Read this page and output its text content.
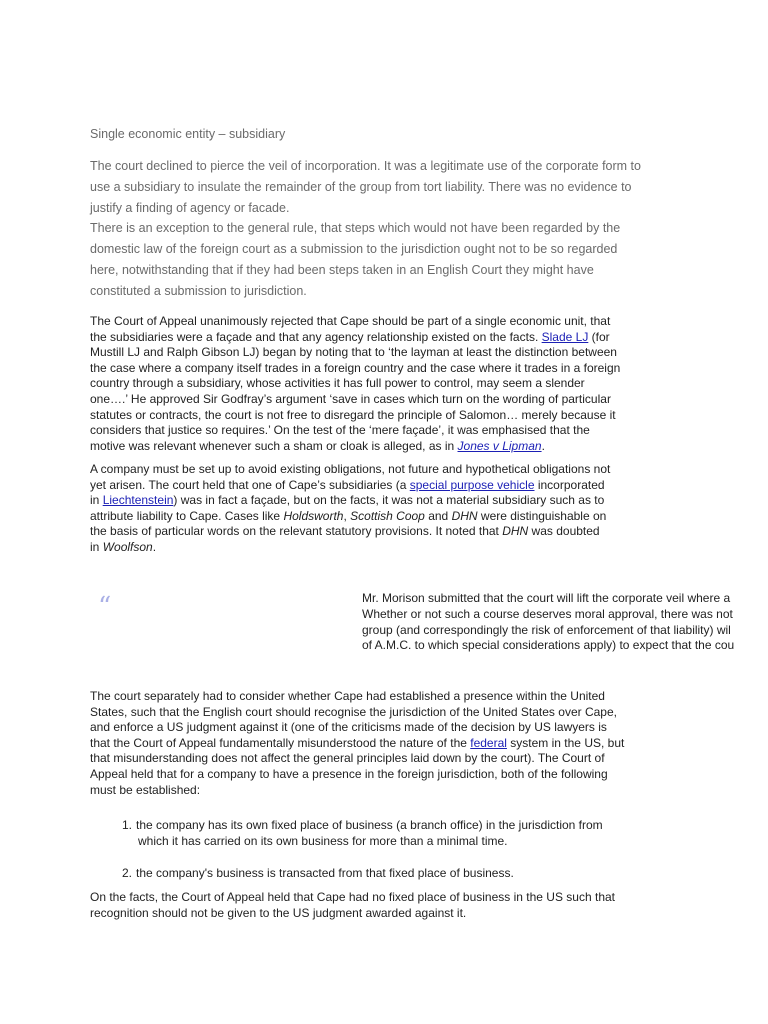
Single economic entity – subsidiary
The court declined to pierce the veil of incorporation. It was a legitimate use of the corporate form to
use a subsidiary to insulate the remainder of the group from tort liability. There was no evidence to
justify a finding of agency or facade.
There is an exception to the general rule, that steps which would not have been regarded by the
domestic law of the foreign court as a submission to the jurisdiction ought not to be so regarded
here, notwithstanding that if they had been steps taken in an English Court they might have
constituted a submission to jurisdiction.
The Court of Appeal unanimously rejected that Cape should be part of a single economic unit, that
the subsidiaries were a façade and that any agency relationship existed on the facts. Slade LJ (for
Mustill LJ and Ralph Gibson LJ) began by noting that to ‘the layman at least the distinction between
the case where a company itself trades in a foreign country and the case where it trades in a foreign
country through a subsidiary, whose activities it has full power to control, may seem a slender
one….’ He approved Sir Godfray’s argument ‘save in cases which turn on the wording of particular
statutes or contracts, the court is not free to disregard the principle of Salomon… merely because it
considers that justice so requires.’ On the test of the ‘mere façade’, it was emphasised that the
motive was relevant whenever such a sham or cloak is alleged, as in Jones v Lipman.
A company must be set up to avoid existing obligations, not future and hypothetical obligations not
yet arisen. The court held that one of Cape’s subsidiaries (a special purpose vehicle incorporated
in Liechtenstein) was in fact a façade, but on the facts, it was not a material subsidiary such as to
attribute liability to Cape. Cases like Holdsworth, Scottish Coop and DHN were distinguishable on
the basis of particular words on the relevant statutory provisions. It noted that DHN was doubted
in Woolfson.
“	Mr. Morison submitted that the court will lift the corporate veil where a
Whether or not such a course deserves moral approval, there was not
group (and correspondingly the risk of enforcement of that liability) wil
of A.M.C. to which special considerations apply) to expect that the cou
The court separately had to consider whether Cape had established a presence within the United
States, such that the English court should recognise the jurisdiction of the United States over Cape,
and enforce a US judgment against it (one of the criticisms made of the decision by US lawyers is
that the Court of Appeal fundamentally misunderstood the nature of the federal system in the US, but
that misunderstanding does not affect the general principles laid down by the court). The Court of
Appeal held that for a company to have a presence in the foreign jurisdiction, both of the following
must be established:
1. the company has its own fixed place of business (a branch office) in the jurisdiction from
which it has carried on its own business for more than a minimal time.
2. the company's business is transacted from that fixed place of business.
On the facts, the Court of Appeal held that Cape had no fixed place of business in the US such that
recognition should not be given to the US judgment awarded against it.
